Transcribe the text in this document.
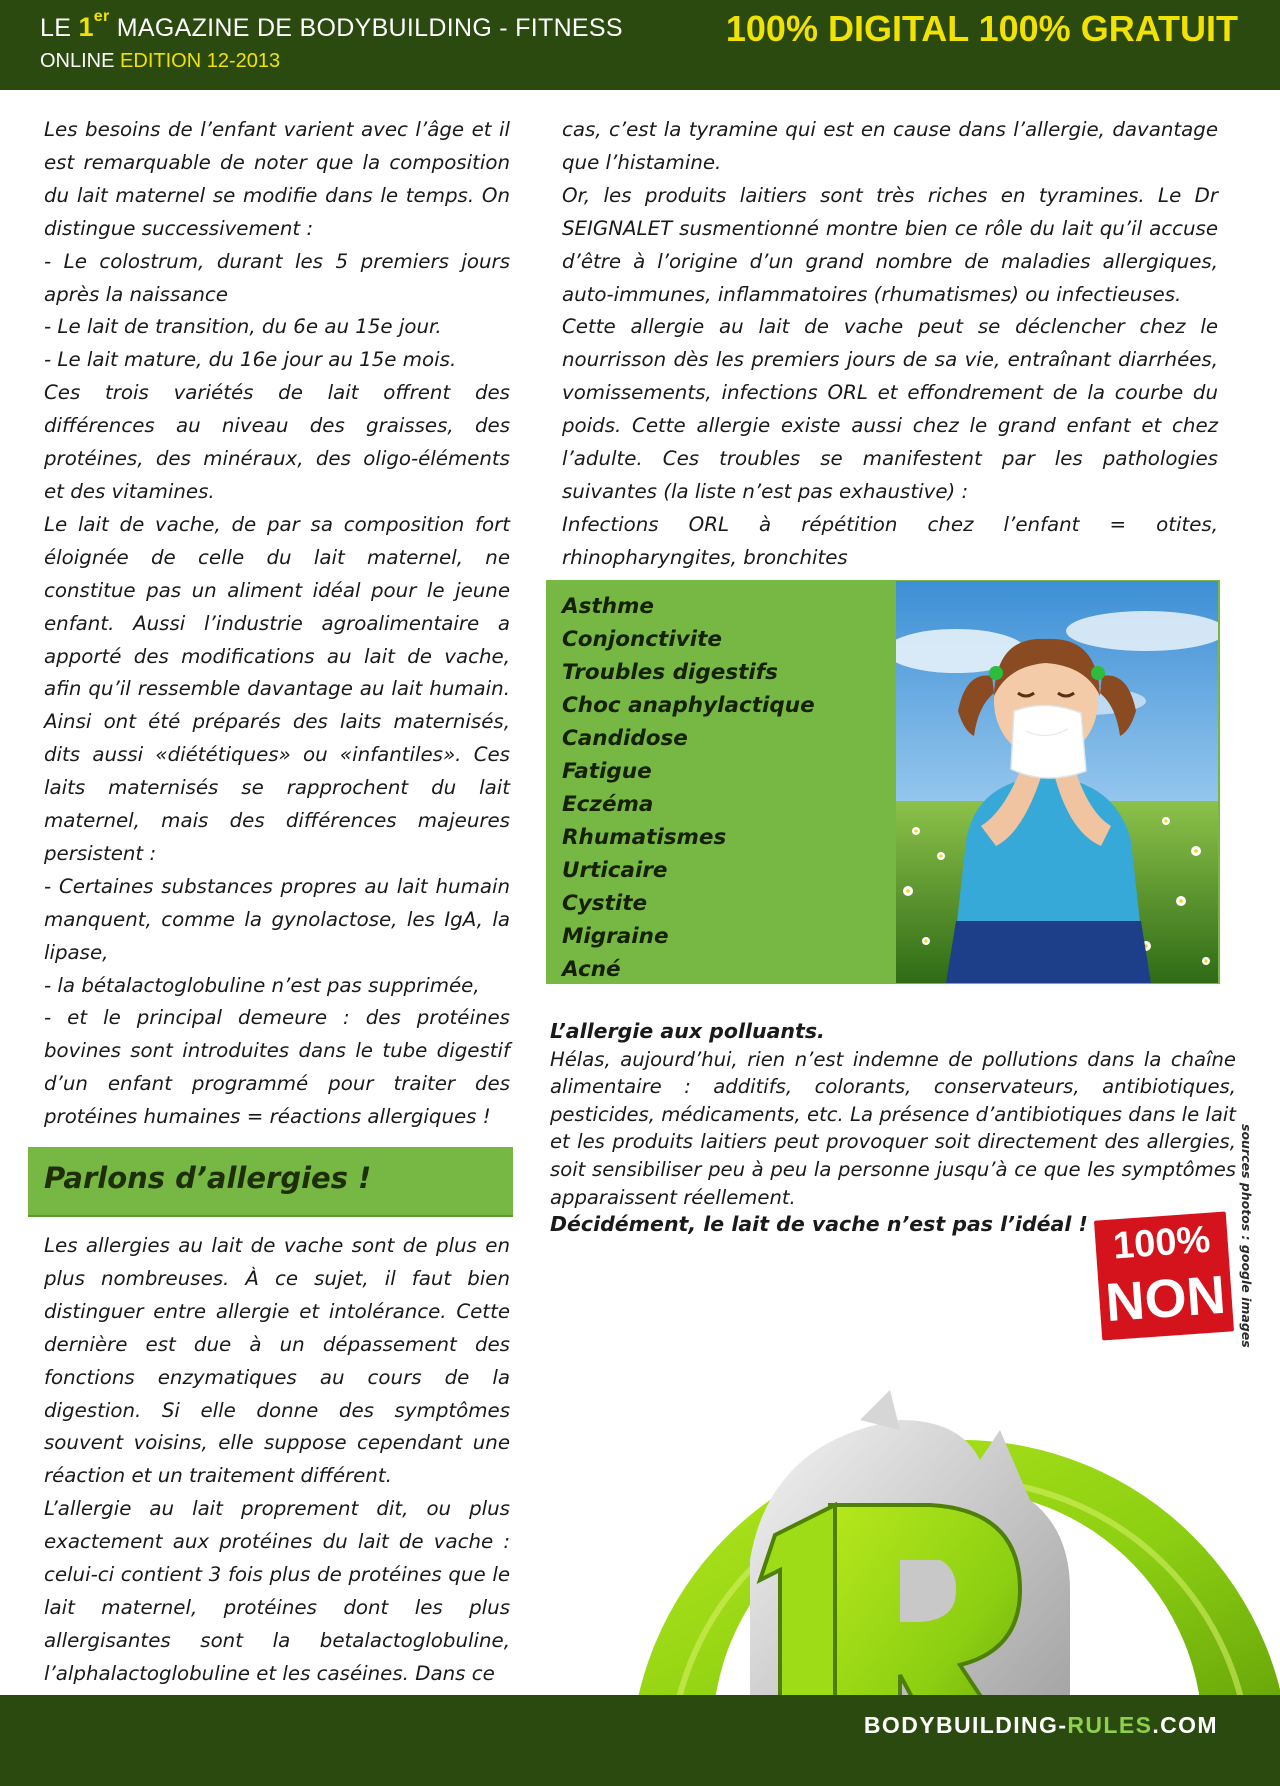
LE 1er MAGAZINE DE BODYBUILDING - FITNESS	100% DIGITAL 100% GRATUIT
ONLINE EDITION 12-2013

Les besoins de l’enfant varient avec l’âge et il est remarquable de noter que la composition du lait maternel se modifie dans le temps. On distingue successivement :

- Le colostrum, durant les 5 premiers jours après la naissance

- Le lait de transition, du 6e au 15e jour.

- Le lait mature, du 16e jour au 15e mois.

Ces trois variétés de lait offrent des différences au niveau des graisses, des protéines, des minéraux, des oligo-éléments et des vitamines.

Le lait de vache, de par sa composition fort éloignée de celle du lait maternel, ne constitue pas un aliment idéal pour le jeune enfant. Aussi l’industrie agroalimentaire a apporté des modifications au lait de vache, afin qu’il ressemble davantage au lait humain. Ainsi ont été préparés des laits maternisés, dits aussi «diététiques» ou «infantiles». Ces laits maternisés se rapprochent du lait maternel, mais des différences majeures persistent :

- Certaines substances propres au lait humain manquent, comme la gynolactose, les IgA, la lipase,

- la bétalactoglobuline n’est pas supprimée,

- et le principal demeure : des protéines bovines sont introduites dans le tube digestif d’un enfant programmé pour traiter des protéines humaines = réactions allergiques !

Parlons d’allergies !

Les allergies au lait de vache sont de plus en plus nombreuses. À ce sujet, il faut bien distinguer entre allergie et intolérance. Cette dernière est due à un dépassement des fonctions enzymatiques au cours de la digestion. Si elle donne des symptômes souvent voisins, elle suppose cependant une réaction et un traitement différent.

L’allergie au lait proprement dit, ou plus exactement aux protéines du lait de vache : celui-ci contient 3 fois plus de protéines que le lait maternel, protéines dont les plus allergisantes sont la betalactoglobuline, l’alphalactoglobuline et les caséines. Dans ce

cas, c’est la tyramine qui est en cause dans l’allergie, davantage que l’histamine.

Or, les produits laitiers sont très riches en tyramines. Le Dr SEIGNALET susmentionné montre bien ce rôle du lait qu’il accuse d’être à l’origine d’un grand nombre de maladies allergiques, auto-immunes, inflammatoires (rhumatismes) ou infectieuses.

Cette allergie au lait de vache peut se déclencher chez le nourrisson dès les premiers jours de sa vie, entraînant diarrhées, vomissements, infections ORL et effondrement de la courbe du poids. Cette allergie existe aussi chez le grand enfant et chez l’adulte. Ces troubles se manifestent par les pathologies suivantes (la liste n’est pas exhaustive) :

Infections ORL à répétition chez l’enfant = otites, rhinopharyngites, bronchites

Asthme
Conjonctivite
Troubles digestifs
Choc anaphylactique
Candidose
Fatigue
Eczéma
Rhumatismes
Urticaire
Cystite
Migraine
Acné
L’allergie aux polluants.

Hélas, aujourd’hui, rien n’est indemne de pollutions dans la chaîne alimentaire : additifs, colorants, conservateurs, antibiotiques, pesticides, médicaments, etc. La présence d’antibiotiques dans le lait et les produits laitiers peut provoquer soit directement des allergies, soit sensibiliser peu à peu la personne jusqu’à ce que les symptômes apparaissent réellement.

Décidément, le lait de vache n’est pas l’idéal !	sources photos : google images
100%
NON
BODYBUILDING-RULES.COM
